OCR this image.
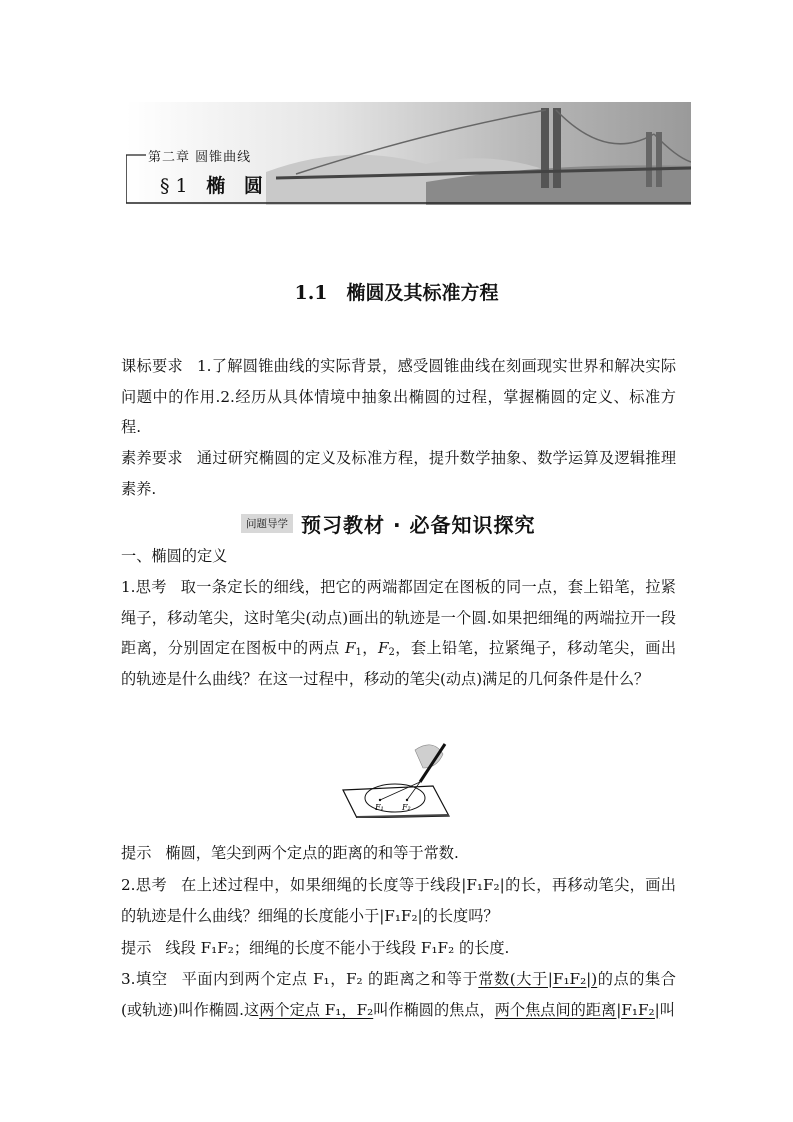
第二章 圆锥曲线
§1 椭 圆
1.1　椭圆及其标准方程
课标要求 1.了解圆锥曲线的实际背景，感受圆锥曲线在刻画现实世界和解决实际问题中的作用.2.经历从具体情境中抽象出椭圆的过程，掌握椭圆的定义、标准方程.
素养要求 通过研究椭圆的定义及标准方程，提升数学抽象、数学运算及逻辑推理素养.
问题导学 预习教材 · 必备知识探究
一、椭圆的定义
1.思考 取一条定长的细线，把它的两端都固定在图板的同一点，套上铅笔，拉紧绳子，移动笔尖，这时笔尖(动点)画出的轨迹是一个圆.如果把细绳的两端拉开一段距离，分别固定在图板中的两点 $F_1$，$F_2$，套上铅笔，拉紧绳子，移动笔尖，画出的轨迹是什么曲线？在这一过程中，移动的笔尖(动点)满足的几何条件是什么？
F₁ F₂
提示 椭圆，笔尖到两个定点的距离的和等于常数.
2.思考 在上述过程中，如果细绳的长度等于线段|F₁F₂|的长，再移动笔尖，画出的轨迹是什么曲线？细绳的长度能小于|F₁F₂|的长度吗？
提示 线段 F₁F₂；细绳的长度不能小于线段 F₁F₂ 的长度.
3.填空 平面内到两个定点 F₁，F₂ 的距离之和等于常数(大于|F₁F₂|)的点的集合(或轨迹)叫作椭圆.这两个定点 F₁，F₂叫作椭圆的焦点，两个焦点间的距离|F₁F₂|叫
